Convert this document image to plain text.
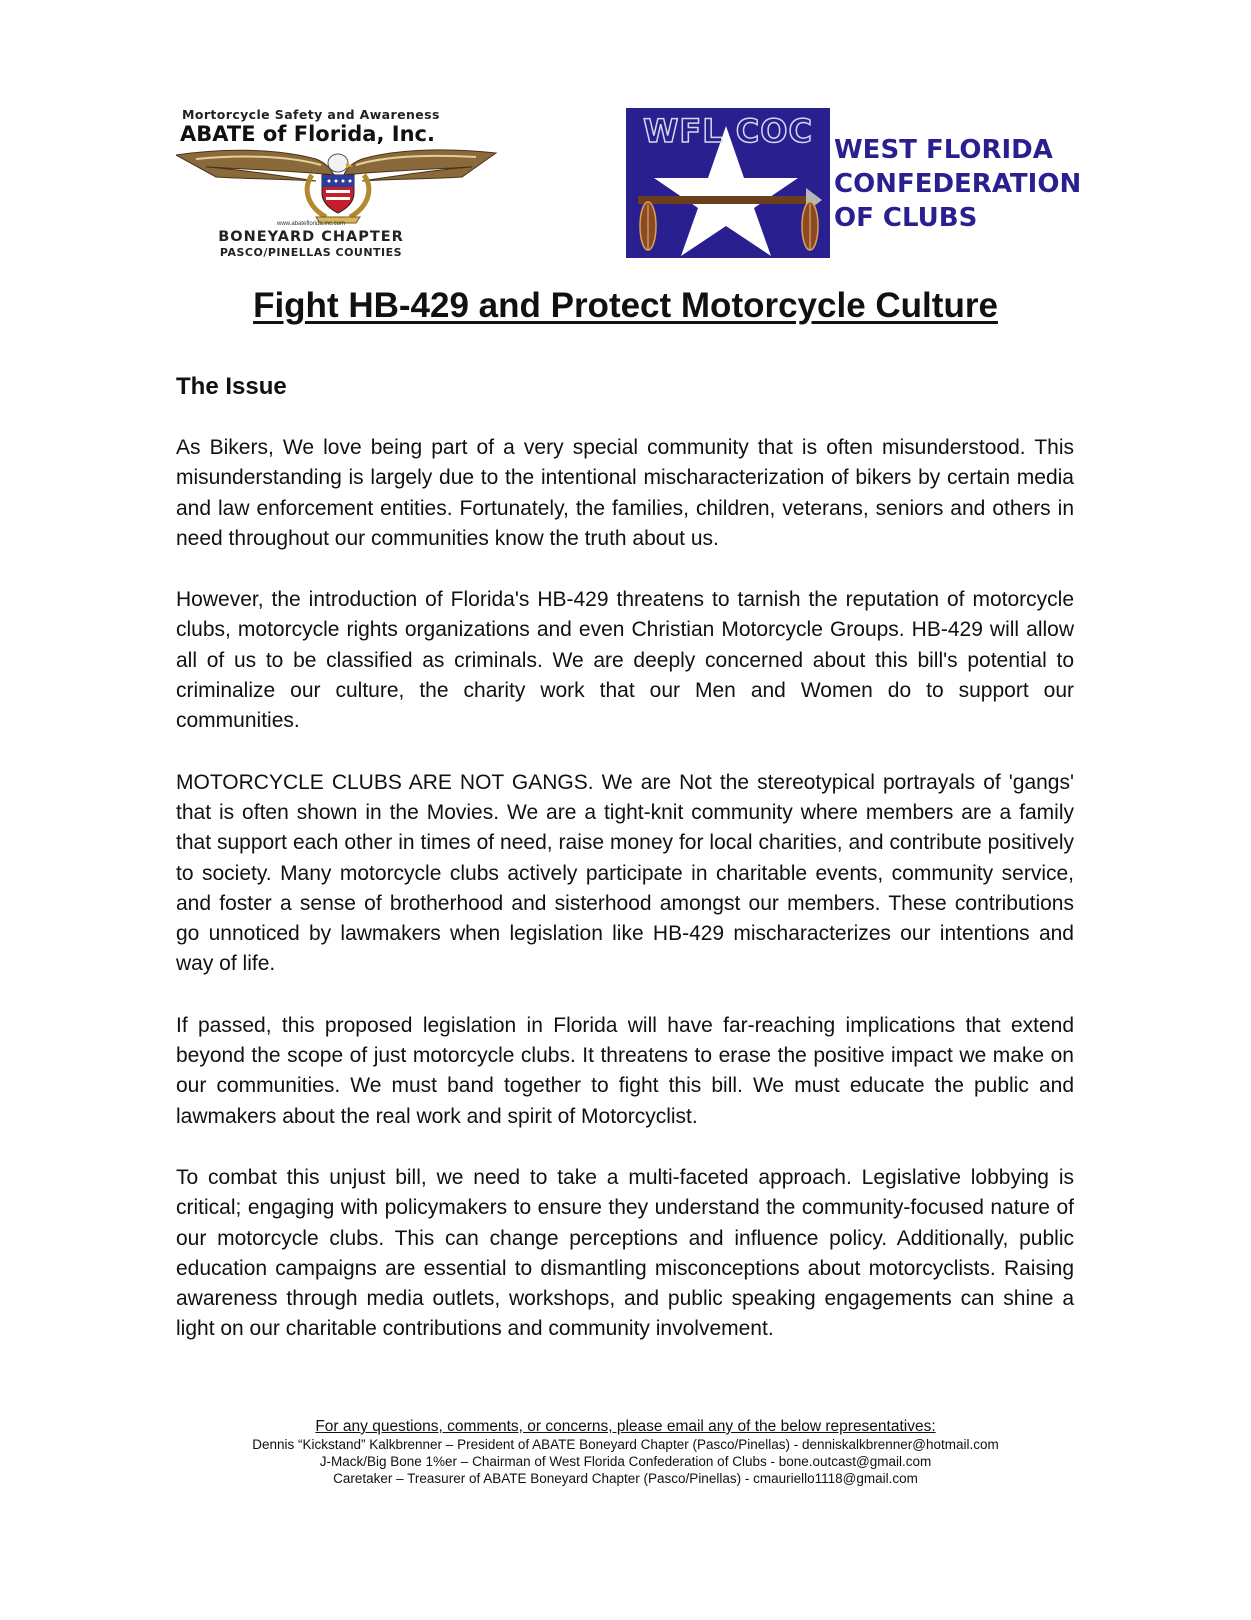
Mortorcycle Safety and Awareness
ABATE of Florida, Inc.
www.abateflorida.inc.com
BONEYARD CHAPTER
PASCO/PINELLAS COUNTIES
WFL COC WEST FLORIDA
CONFEDERATION
OF CLUBS
Fight HB-429 and Protect Motorcycle Culture
The Issue

As Bikers, We love being part of a very special community that is often misunderstood. This misunderstanding is largely due to the intentional mischaracterization of bikers by certain media and law enforcement entities. Fortunately, the families, children, veterans, seniors and others in need throughout our communities know the truth about us.

However, the introduction of Florida's HB-429 threatens to tarnish the reputation of motorcycle clubs, motorcycle rights organizations and even Christian Motorcycle Groups. HB-429 will allow all of us to be classified as criminals. We are deeply concerned about this bill's potential to criminalize our culture, the charity work that our Men and Women do to support our communities.

MOTORCYCLE CLUBS ARE NOT GANGS. We are Not the stereotypical portrayals of 'gangs' that is often shown in the Movies. We are a tight-knit community where members are a family that support each other in times of need, raise money for local charities, and contribute positively to society. Many motorcycle clubs actively participate in charitable events, community service, and foster a sense of brotherhood and sisterhood amongst our members. These contributions go unnoticed by lawmakers when legislation like HB-429 mischaracterizes our intentions and way of life.

If passed, this proposed legislation in Florida will have far-reaching implications that extend beyond the scope of just motorcycle clubs. It threatens to erase the positive impact we make on our communities. We must band together to fight this bill. We must educate the public and lawmakers about the real work and spirit of Motorcyclist.

To combat this unjust bill, we need to take a multi-faceted approach. Legislative lobbying is critical; engaging with policymakers to ensure they understand the community-focused nature of our motorcycle clubs. This can change perceptions and influence policy. Additionally, public education campaigns are essential to dismantling misconceptions about motorcyclists. Raising awareness through media outlets, workshops, and public speaking engagements can shine a light on our charitable contributions and community involvement.

For any questions, comments, or concerns, please email any of the below representatives:
Dennis “Kickstand” Kalkbrenner – President of ABATE Boneyard Chapter (Pasco/Pinellas) - denniskalkbrenner@hotmail.com
J-Mack/Big Bone 1%er – Chairman of West Florida Confederation of Clubs - bone.outcast@gmail.com
Caretaker – Treasurer of ABATE Boneyard Chapter (Pasco/Pinellas) - cmauriello1118@gmail.com
